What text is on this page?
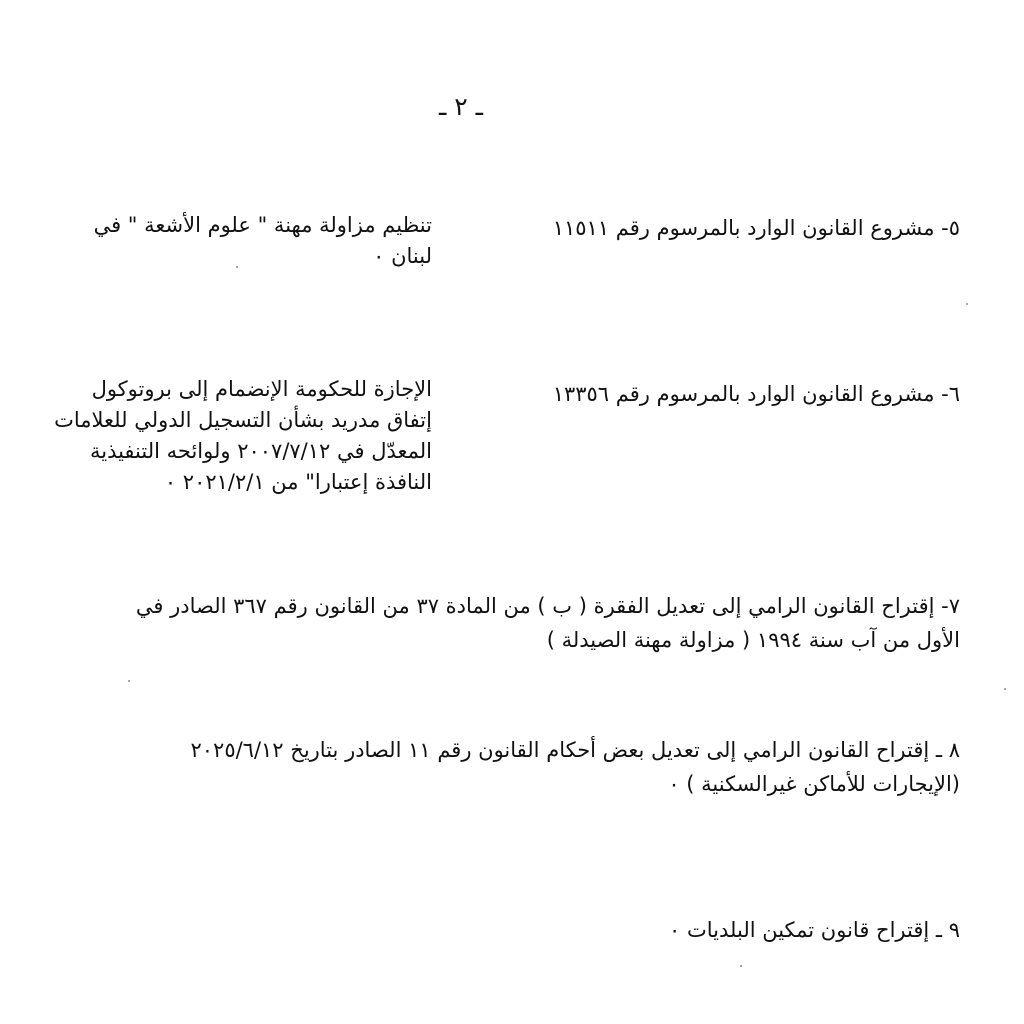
ـ ٢ ـ
٥- مشروع القانون الوارد بالمرسوم رقم ١١٥١١
تنظيم مزاولة مهنة " علوم الأشعة " في
لبنان ٠
٦- مشروع القانون الوارد بالمرسوم رقم ١٣٣٥٦
الإجازة للحكومة الإنضمام إلى بروتوكول
إتفاق مدريد بشأن التسجيل الدولي للعلامات
المعدّل في ٢٠٠٧/٧/١٢ ولوائحه التنفيذية
النافذة إعتبارا" من ٢٠٢١/٢/١ ٠
٧- إقتراح القانون الرامي إلى تعديل الفقرة ( ب ) من المادة ٣٧ من القانون رقم ٣٦٧ الصادر في
الأول من آب سنة ١٩٩٤ ( مزاولة مهنة الصيدلة )
٨ ـ إقتراح القانون الرامي إلى تعديل بعض أحكام القانون رقم ١١ الصادر بتاريخ ٢٠٢٥/٦/١٢
(الإيجارات للأماكن غيرالسكنية ) ٠
٩ ـ إقتراح قانون تمكين البلديات ٠
